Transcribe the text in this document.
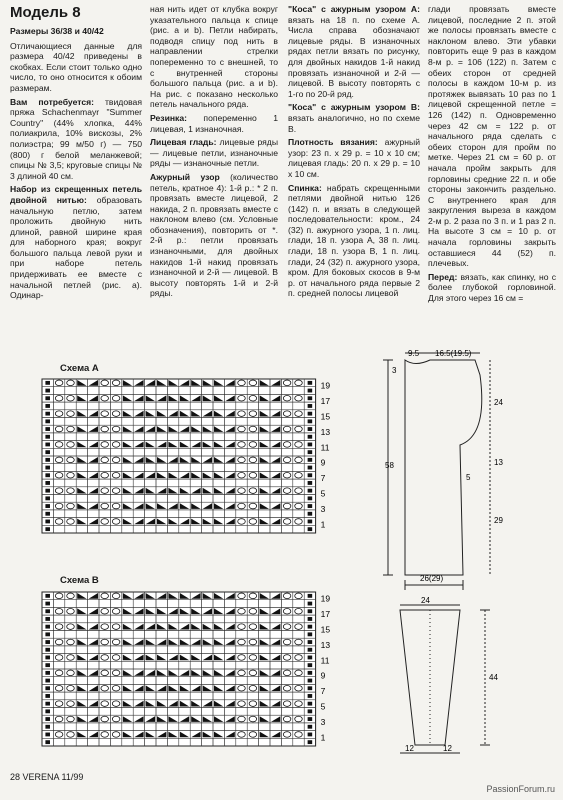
Модель 8
Размеры 36/38 и 40/42
Отличающиеся данные для размера 40/42 приведены в скобках. Если стоит только одно число, то оно относится к обоим размерам.
Вам потребуется: твидовая пряжа Schachenmayr "Summer Country" (44% хлопка, 44% полиакрила, 10% вискозы, 2% полиэстра; 99 м/50 г) — 750 (800) г белой меланжевой; спицы № 3,5; круговые спицы № 3 длиной 40 см.
Набор из скрещенных петель двойной нитью: образовать начальную петлю, затем проложить двойную нить длиной, равной ширине края для наборного края; вокруг большого пальца левой руки и при наборе петель придерживать ее вместе с начальной петлей (рис. а). Одинар-
ная нить идет от клубка вокруг указательного пальца к спице (рис. а и b). Петли набирать, подводя спицу под нить в направлении стрелки попеременно то с внешней, то с внутренней стороны большого пальца (рис. а и b). На рис. с показано несколько петель начального ряда.
Резинка: попеременно 1 лицевая, 1 изнаночная.
Лицевая гладь: лицевые ряды — лицевые петли, изнаночные ряды — изнаночные петли.
Ажурный узор (количество петель, кратное 4): 1-й р.: * 2 п. провязать вместе лицевой, 2 накида, 2 п. провязать вместе с наклоном влево (см. Условные обозначения), повторить от *. 2-й р.: петли провязать изнаночными, для двойных накидов 1-й накид провязать изнаночной и 2-й — лицевой. В высоту повторять 1-й и 2-й ряды.
"Коса" с ажурным узором А: вязать на 18 п. по схеме А. Числа справа обозначают лицевые ряды. В изнаночных рядах петли вязать по рисунку, для двойных накидов 1-й накид провязать изнаночной и 2-й — лицевой. В высоту повторять с 1-го по 20-й ряд.
"Коса" с ажурным узором В: вязать аналогично, но по схеме В.
Плотность вязания: ажурный узор: 23 п. х 29 р. = 10 х 10 см; лицевая гладь: 20 п. х 29 р. = 10 х 10 см.
Спинка: набрать скрещенными петлями двойной нитью 126 (142) п. и вязать в следующей последовательности: кром., 24 (32) п. ажурного узора, 1 п. лиц. глади, 18 п. узора А, 38 п. лиц. глади, 18 п. узора В, 1 п. лиц. глади, 24 (32) п. ажурного узора, кром. Для боковых скосов в 9-м р. от начального ряда первые 2 п. средней полосы лицевой
глади провязать вместе лицевой, последние 2 п. этой же полосы провязать вместе с наклоном влево. Эти убавки повторить еще 9 раз в каждом 8-м р. = 106 (122) п. Затем с обеих сторон от средней полосы в каждом 10-м р. из протяжек вывязать 10 раз по 1 лицевой скрещенной петле = 126 (142) п. Одновременно через 42 см = 122 р. от начального ряда сделать с обеих сторон для пройм по метке. Через 21 см = 60 р. от начала пройм закрыть для горловины средние 22 п. и обе стороны закончить раздельно. С внутреннего края для закругления выреза в каждом 2-м р. 2 раза по 3 п. и 1 раз 2 п. На высоте 3 см = 10 р. от начала горловины закрыть оставшиеся 44 (52) п. плечевых.
Перед: вязать, как спинку, но с более глубокой горловиной. Для этого через 16 см =
Схема А
Схема В
19
17
15
13
11
9
7
5
3
1
19
17
15
13
11
9
7
5
3
1
9.5 16.5(19.5)
3
24
58	13
5
29
26(29)
24
44
12	12
28 VERENA 11/99
PassionForum.ru
